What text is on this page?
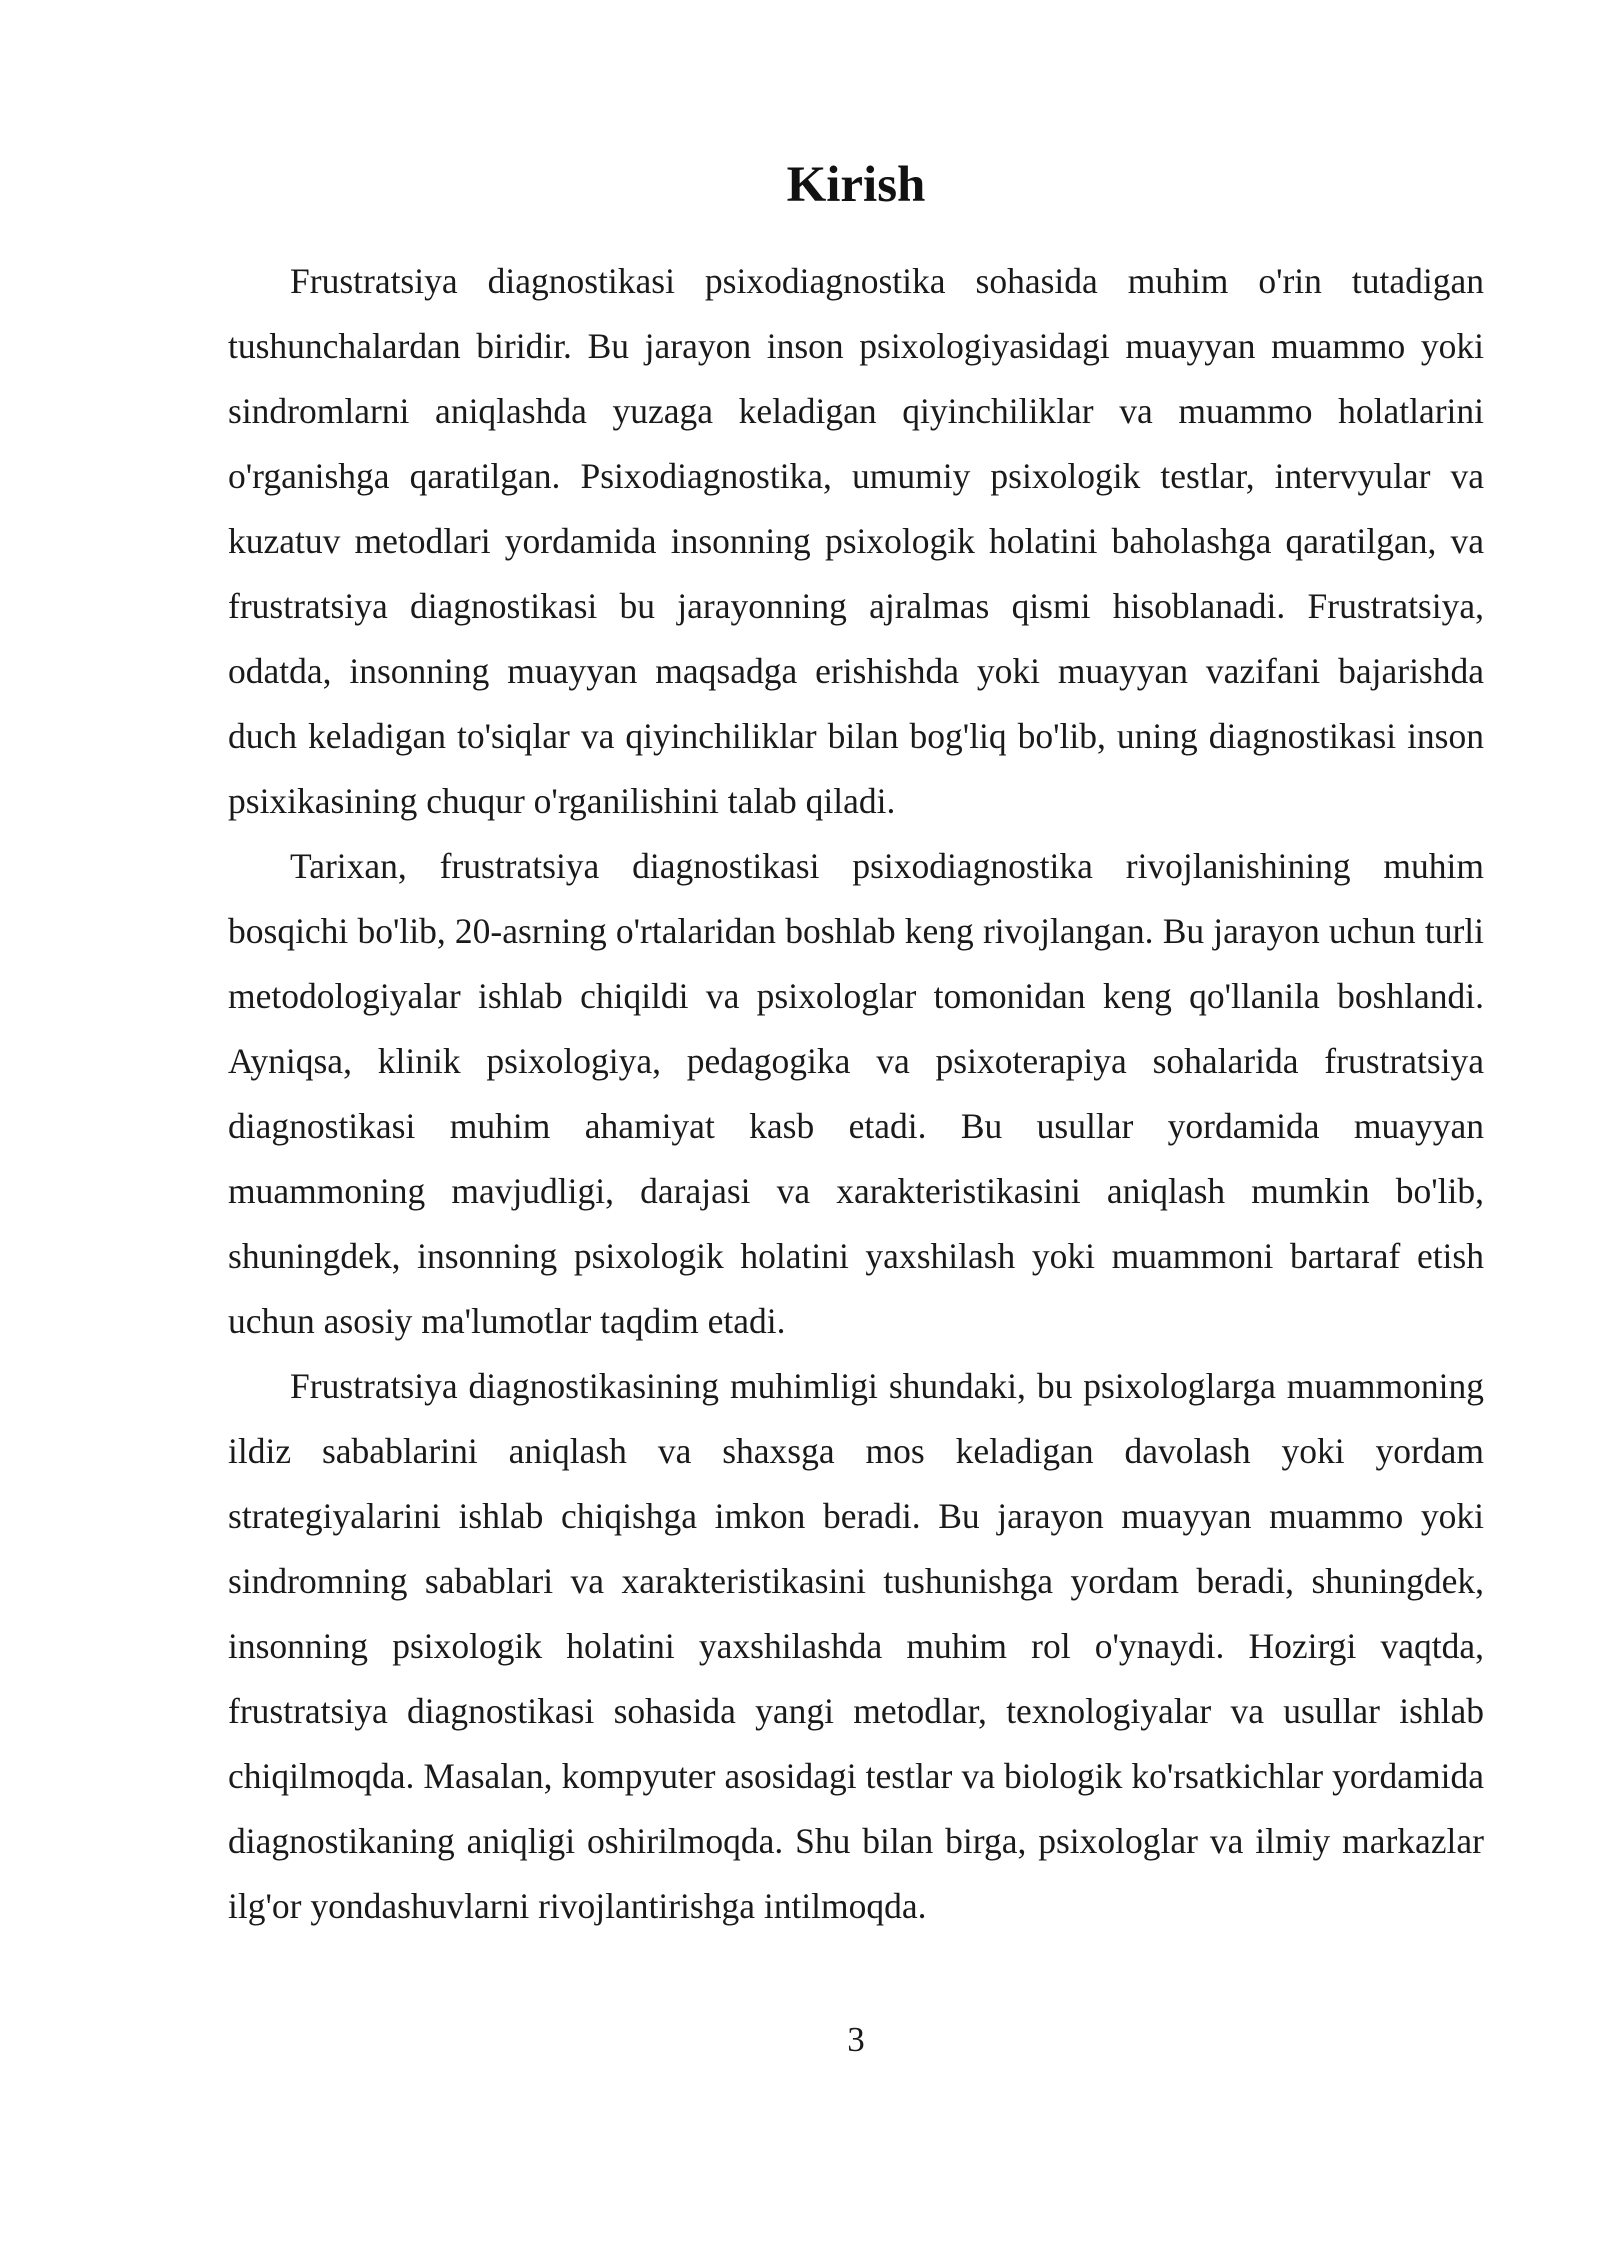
Kirish

Frustratsiya diagnostikasi psixodiagnostika sohasida muhim o'rin tutadigan tushunchalardan biridir. Bu jarayon inson psixologiyasidagi muayyan muammo yoki sindromlarni aniqlashda yuzaga keladigan qiyinchiliklar va muammo holatlarini o'rganishga qaratilgan. Psixodiagnostika, umumiy psixologik testlar, intervyular va kuzatuv metodlari yordamida insonning psixologik holatini baholashga qaratilgan, va frustratsiya diagnostikasi bu jarayonning ajralmas qismi hisoblanadi. Frustratsiya, odatda, insonning muayyan maqsadga erishishda yoki muayyan vazifani bajarishda duch keladigan to'siqlar va qiyinchiliklar bilan bog'liq bo'lib, uning diagnostikasi inson psixikasining chuqur o'rganilishini talab qiladi.

Tarixan, frustratsiya diagnostikasi psixodiagnostika rivojlanishining muhim bosqichi bo'lib, 20-asrning o'rtalaridan boshlab keng rivojlangan. Bu jarayon uchun turli metodologiyalar ishlab chiqildi va psixologlar tomonidan keng qo'llanila boshlandi. Ayniqsa, klinik psixologiya, pedagogika va psixoterapiya sohalarida frustratsiya diagnostikasi muhim ahamiyat kasb etadi. Bu usullar yordamida muayyan muammoning mavjudligi, darajasi va xarakteristikasini aniqlash mumkin bo'lib, shuningdek, insonning psixologik holatini yaxshilash yoki muammoni bartaraf etish uchun asosiy ma'lumotlar taqdim etadi.

Frustratsiya diagnostikasining muhimligi shundaki, bu psixologlarga muammoning ildiz sabablarini aniqlash va shaxsga mos keladigan davolash yoki yordam strategiyalarini ishlab chiqishga imkon beradi. Bu jarayon muayyan muammo yoki sindromning sabablari va xarakteristikasini tushunishga yordam beradi, shuningdek, insonning psixologik holatini yaxshilashda muhim rol o'ynaydi. Hozirgi vaqtda, frustratsiya diagnostikasi sohasida yangi metodlar, texnologiyalar va usullar ishlab chiqilmoqda. Masalan, kompyuter asosidagi testlar va biologik ko'rsatkichlar yordamida diagnostikaning aniqligi oshirilmoqda. Shu bilan birga, psixologlar va ilmiy markazlar ilg'or yondashuvlarni rivojlantirishga intilmoqda.

3
